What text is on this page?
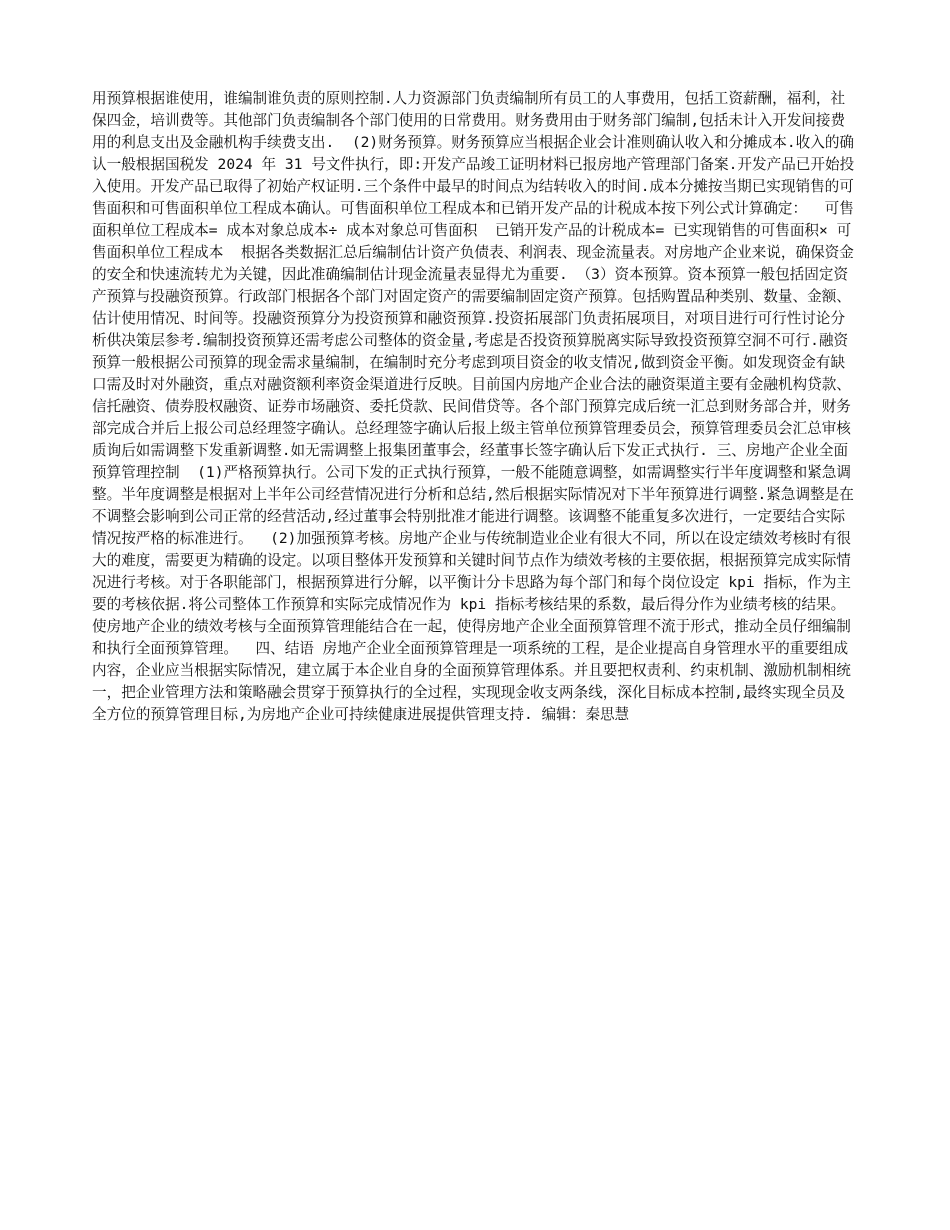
用预算根据谁使用，谁编制谁负责的原则控制.人力资源部门负责编制所有员工的人事费用，包括工资薪酬，福利，社保四金，培训费等。其他部门负责编制各个部门使用的日常费用。财务费用由于财务部门编制,包括未计入开发间接费用的利息支出及金融机构手续费支出.  (2)财务预算。财务预算应当根据企业会计准则确认收入和分摊成本.收入的确认一般根据国税发 2024 年 31 号文件执行，即:开发产品竣工证明材料已报房地产管理部门备案.开发产品已开始投入使用。开发产品已取得了初始产权证明.三个条件中最早的时间点为结转收入的时间.成本分摊按当期已实现销售的可售面积和可售面积单位工程成本确认。可售面积单位工程成本和已销开发产品的计税成本按下列公式计算确定：  可售面积单位工程成本= 成本对象总成本÷ 成本对象总可售面积  已销开发产品的计税成本= 已实现销售的可售面积× 可售面积单位工程成本  根据各类数据汇总后编制估计资产负债表、利润表、现金流量表。对房地产企业来说，确保资金的安全和快速流转尤为关键，因此准确编制估计现金流量表显得尤为重要. （3）资本预算。资本预算一般包括固定资产预算与投融资预算。行政部门根据各个部门对固定资产的需要编制固定资产预算。包括购置品种类别、数量、金额、估计使用情况、时间等。投融资预算分为投资预算和融资预算.投资拓展部门负责拓展项目，对项目进行可行性讨论分析供决策层参考.编制投资预算还需考虑公司整体的资金量,考虑是否投资预算脱离实际导致投资预算空洞不可行.融资预算一般根据公司预算的现金需求量编制，在编制时充分考虑到项目资金的收支情况,做到资金平衡。如发现资金有缺口需及时对外融资，重点对融资额利率资金渠道进行反映。目前国内房地产企业合法的融资渠道主要有金融机构贷款、信托融资、债券股权融资、证券市场融资、委托贷款、民间借贷等。各个部门预算完成后统一汇总到财务部合并，财务部完成合并后上报公司总经理签字确认。总经理签字确认后报上级主管单位预算管理委员会，预算管理委员会汇总审核质询后如需调整下发重新调整.如无需调整上报集团董事会，经董事长签字确认后下发正式执行. 三、房地产企业全面预算管理控制  (1)严格预算执行。公司下发的正式执行预算，一般不能随意调整，如需调整实行半年度调整和紧急调整。半年度调整是根据对上半年公司经营情况进行分析和总结,然后根据实际情况对下半年预算进行调整.紧急调整是在不调整会影响到公司正常的经营活动,经过董事会特别批准才能进行调整。该调整不能重复多次进行，一定要结合实际情况按严格的标准进行。  (2)加强预算考核。房地产企业与传统制造业企业有很大不同，所以在设定绩效考核时有很大的难度，需要更为精确的设定。以项目整体开发预算和关键时间节点作为绩效考核的主要依据，根据预算完成实际情况进行考核。对于各职能部门，根据预算进行分解，以平衡计分卡思路为每个部门和每个岗位设定 kpi 指标，作为主要的考核依据.将公司整体工作预算和实际完成情况作为 kpi 指标考核结果的系数，最后得分作为业绩考核的结果。使房地产企业的绩效考核与全面预算管理能结合在一起，使得房地产企业全面预算管理不流于形式，推动全员仔细编制和执行全面预算管理。  四、结语 房地产企业全面预算管理是一项系统的工程，是企业提高自身管理水平的重要组成内容，企业应当根据实际情况，建立属于本企业自身的全面预算管理体系。并且要把权责利、约束机制、激励机制相统一，把企业管理方法和策略融会贯穿于预算执行的全过程，实现现金收支两条线，深化目标成本控制,最终实现全员及全方位的预算管理目标,为房地产企业可持续健康进展提供管理支持. 编辑：秦思慧
